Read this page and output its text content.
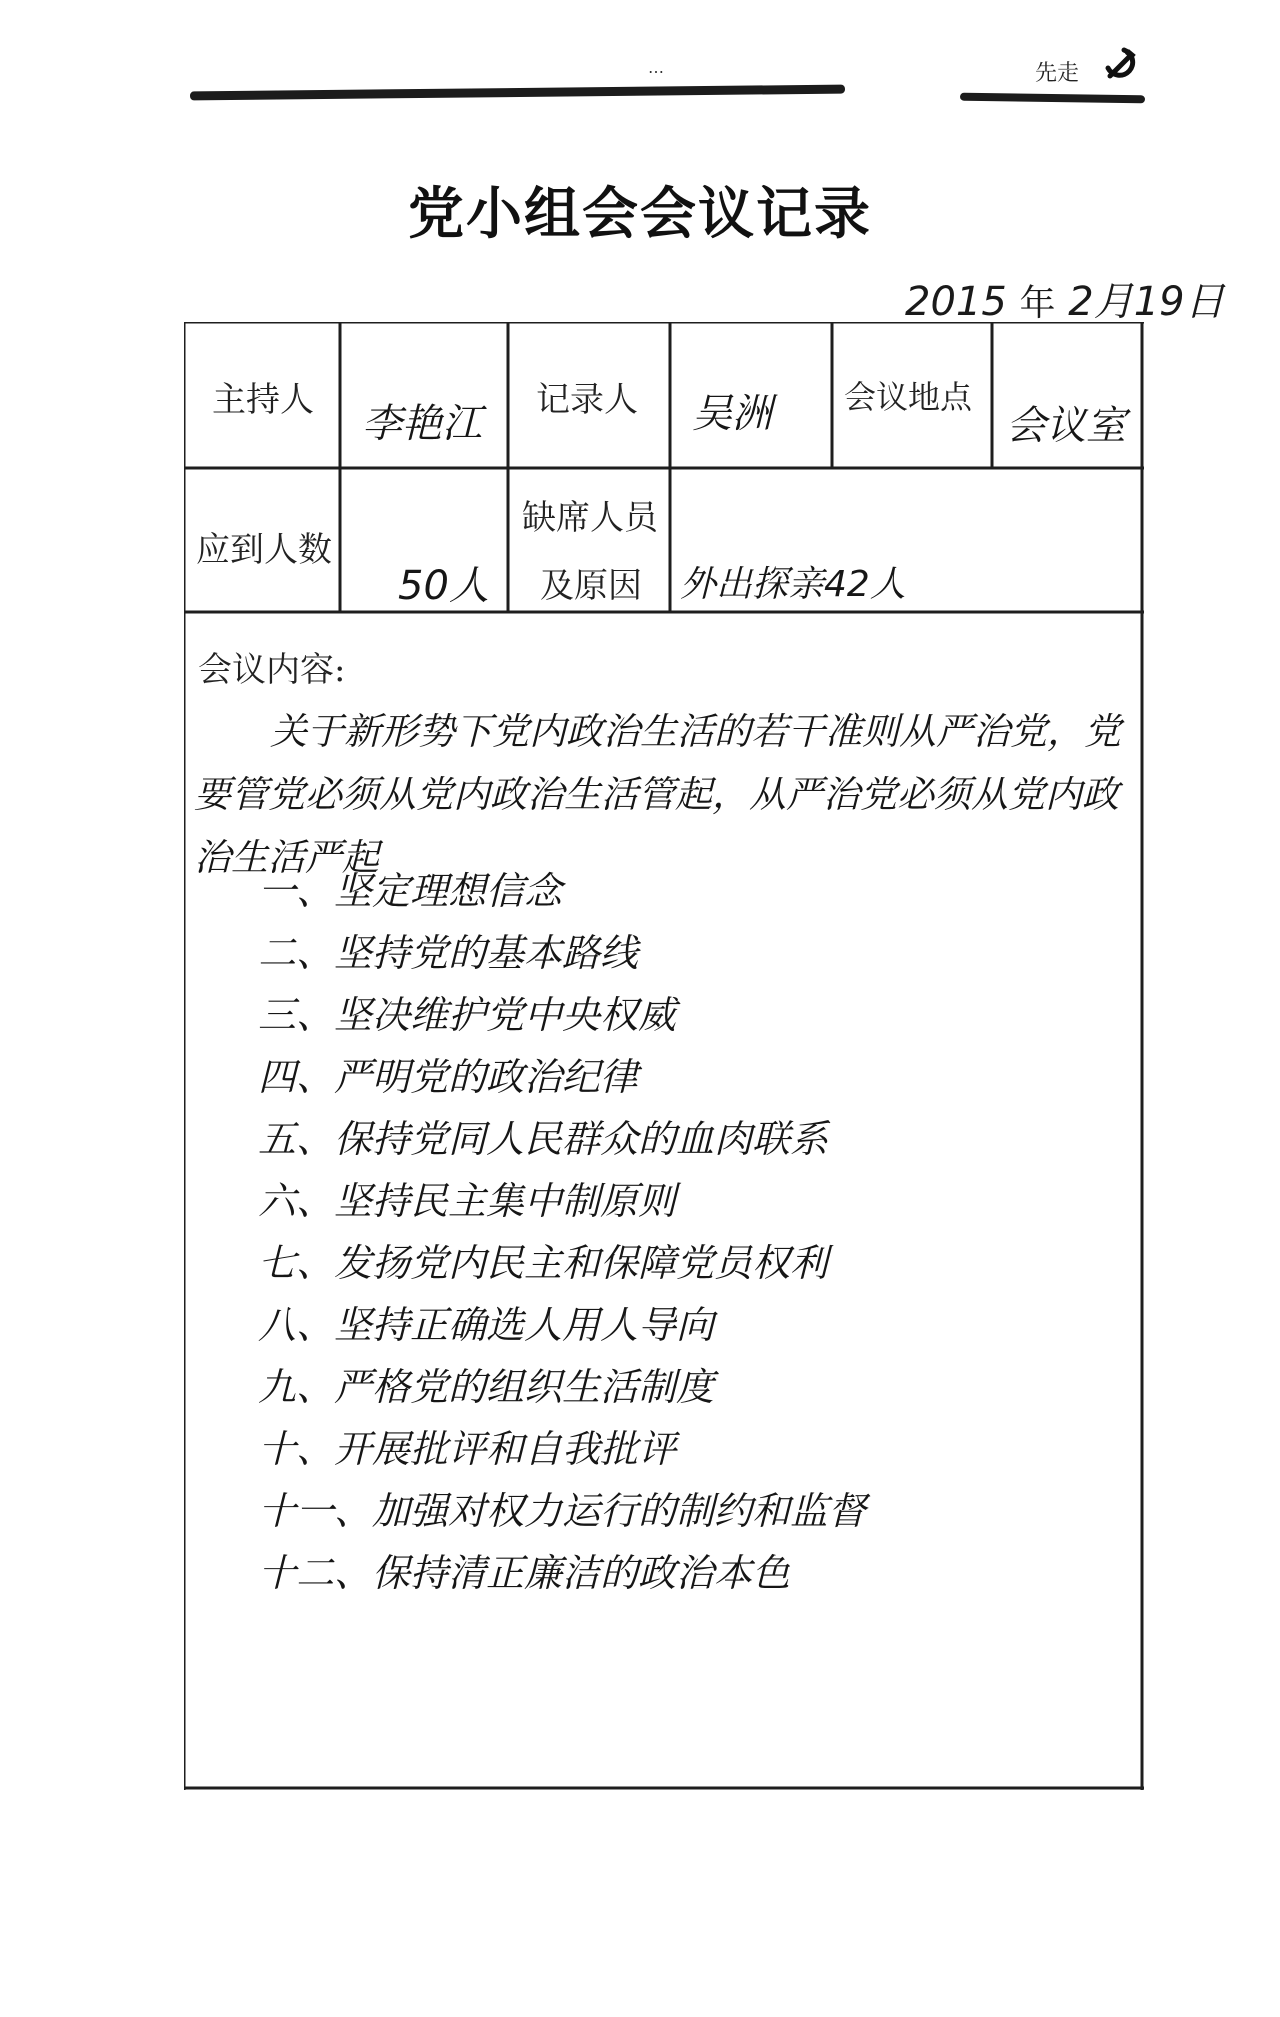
…	先走
党小组会会议记录
2015 年 2月19日
主持人
李艳江
记录人 吴洲 会议地点
会议室
应到人数
50人
缺席人员
及原因 外出探亲42人
会议内容:
关于新形势下党内政治生活的若干准则从严治党，党要管党必须从党内政治生活管起，从严治党必须从党内政治生活严起
一、坚定理想信念
二、坚持党的基本路线
三、坚决维护党中央权威
四、严明党的政治纪律
五、保持党同人民群众的血肉联系
六、坚持民主集中制原则
七、发扬党内民主和保障党员权利
八、坚持正确选人用人导向
九、严格党的组织生活制度
十、开展批评和自我批评
十一、加强对权力运行的制约和监督
十二、保持清正廉洁的政治本色
